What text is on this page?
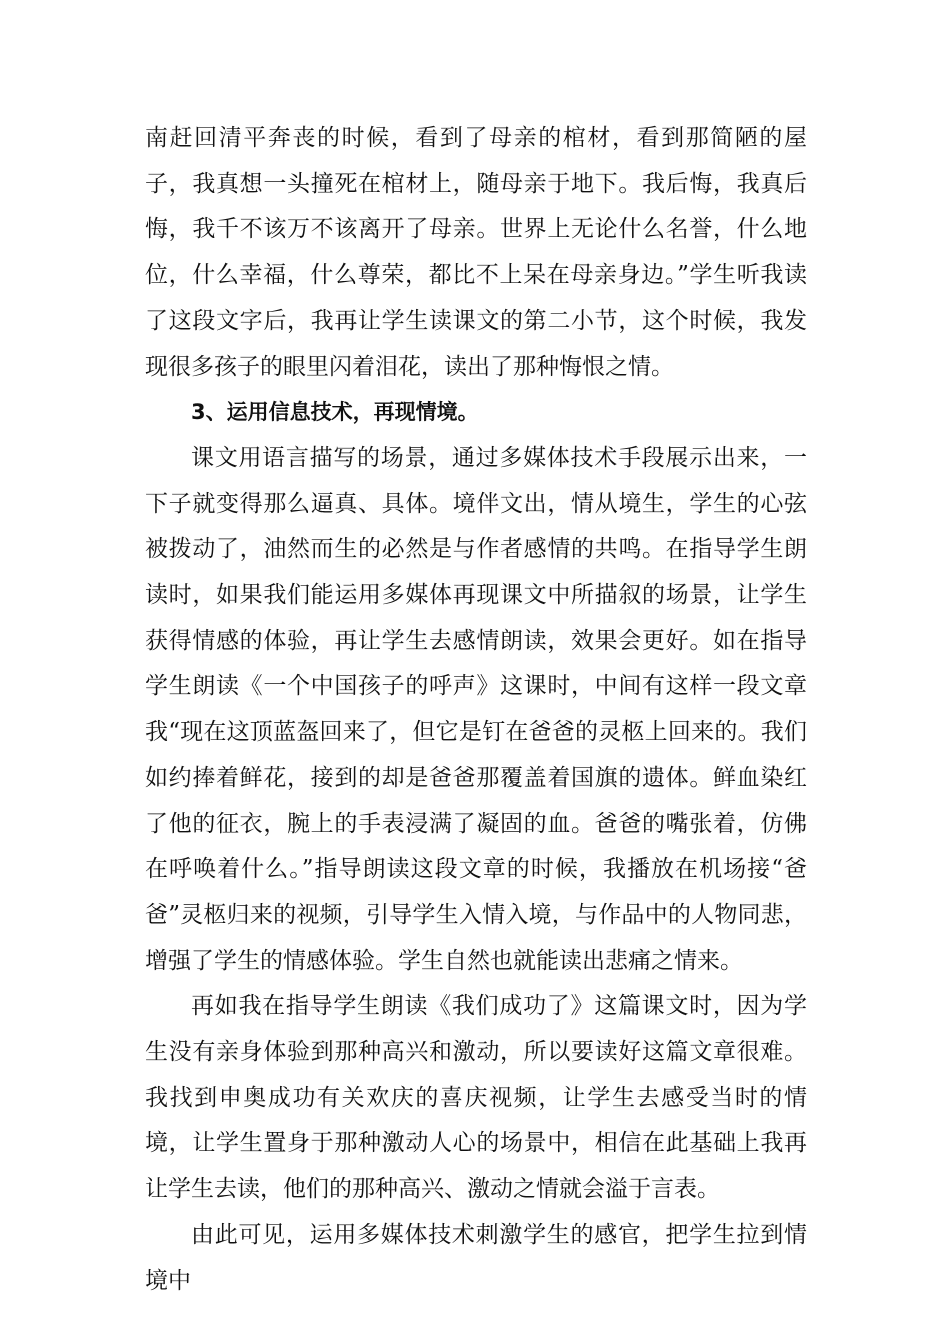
南赶回清平奔丧的时候，看到了母亲的棺材，看到那简陋的屋子，我真想一头撞死在棺材上，随母亲于地下。我后悔，我真后悔，我千不该万不该离开了母亲。世界上无论什么名誉，什么地位，什么幸福，什么尊荣，都比不上呆在母亲身边。”学生听我读了这段文字后，我再让学生读课文的第二小节，这个时候，我发现很多孩子的眼里闪着泪花，读出了那种悔恨之情。

3、运用信息技术，再现情境。

课文用语言描写的场景，通过多媒体技术手段展示出来，一下子就变得那么逼真、具体。境伴文出，情从境生，学生的心弦被拨动了，油然而生的必然是与作者感情的共鸣。在指导学生朗读时，如果我们能运用多媒体再现课文中所描叙的场景，让学生获得情感的体验，再让学生去感情朗读，效果会更好。如在指导学生朗读《一个中国孩子的呼声》这课时，中间有这样一段文章我“现在这顶蓝盔回来了，但它是钉在爸爸的灵柩上回来的。我们如约捧着鲜花，接到的却是爸爸那覆盖着国旗的遗体。鲜血染红了他的征衣，腕上的手表浸满了凝固的血。爸爸的嘴张着，仿佛在呼唤着什么。”指导朗读这段文章的时候，我播放在机场接“爸爸”灵柩归来的视频，引导学生入情入境，与作品中的人物同悲，增强了学生的情感体验。学生自然也就能读出悲痛之情来。

再如我在指导学生朗读《我们成功了》这篇课文时，因为学生没有亲身体验到那种高兴和激动，所以要读好这篇文章很难。我找到申奥成功有关欢庆的喜庆视频，让学生去感受当时的情境，让学生置身于那种激动人心的场景中，相信在此基础上我再让学生去读，他们的那种高兴、激动之情就会溢于言表。

由此可见，运用多媒体技术刺激学生的感官，把学生拉到情境中
